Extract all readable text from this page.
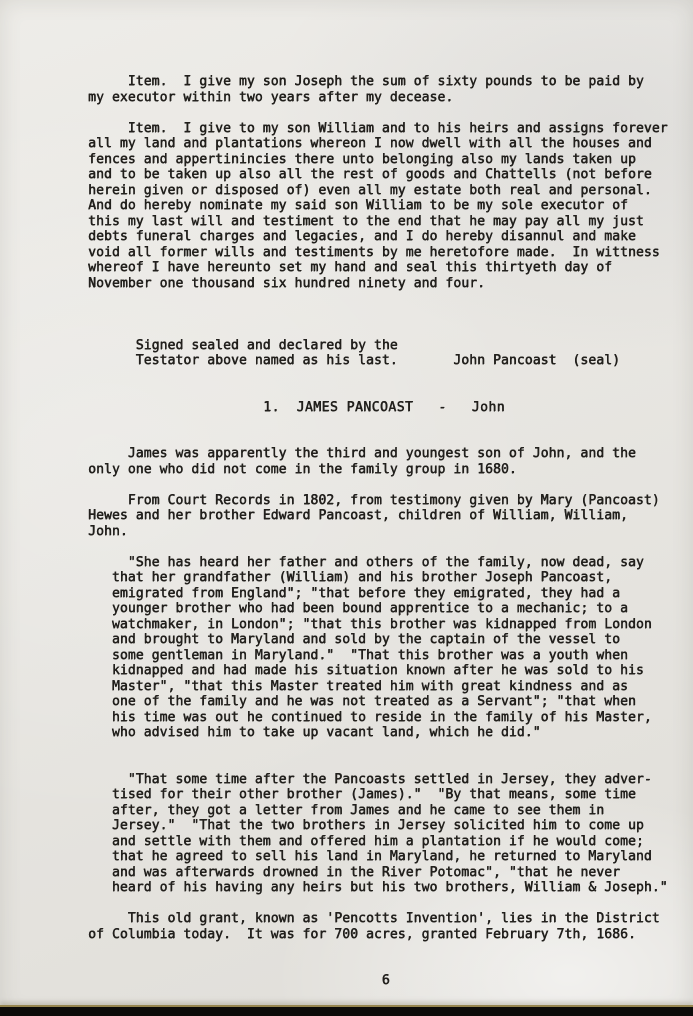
Item.  I give my son Joseph the sum of sixty pounds to be paid by
my executor within two years after my decease.
Item.  I give to my son William and to his heirs and assigns forever
all my land and plantations whereon I now dwell with all the houses and
fences and appertinincies there unto belonging also my lands taken up
and to be taken up also all the rest of goods and Chattells (not before
herein given or disposed of) even all my estate both real and personal.
And do hereby nominate my said son William to be my sole executor of
this my last will and testiment to the end that he may pay all my just
debts funeral charges and legacies, and I do hereby disannul and make
void all former wills and testiments by me heretofore made.  In wittness
whereof I have hereunto set my hand and seal this thirtyeth day of
November one thousand six hundred ninety and four.
Signed sealed and declared by the
Testator above named as his last.       John Pancoast  (seal)
1.  JAMES PANCOAST   -   John
James was apparently the third and youngest son of John, and the
only one who did not come in the family group in 1680.
From Court Records in 1802, from testimony given by Mary (Pancoast)
Hewes and her brother Edward Pancoast, children of William, William,
John.
"She has heard her father and others of the family, now dead, say
that her grandfather (William) and his brother Joseph Pancoast,
emigrated from England"; "that before they emigrated, they had a
younger brother who had been bound apprentice to a mechanic; to a
watchmaker, in London"; "that this brother was kidnapped from London
and brought to Maryland and sold by the captain of the vessel to
some gentleman in Maryland."  "That this brother was a youth when
kidnapped and had made his situation known after he was sold to his
Master", "that this Master treated him with great kindness and as
one of the family and he was not treated as a Servant"; "that when
his time was out he continued to reside in the family of his Master,
who advised him to take up vacant land, which he did."
"That some time after the Pancoasts settled in Jersey, they adver-
tised for their other brother (James)."  "By that means, some time
after, they got a letter from James and he came to see them in
Jersey."  "That the two brothers in Jersey solicited him to come up
and settle with them and offered him a plantation if he would come;
that he agreed to sell his land in Maryland, he returned to Maryland
and was afterwards drowned in the River Potomac", "that he never
heard of his having any heirs but his two brothers, William & Joseph."
This old grant, known as 'Pencotts Invention', lies in the District
of Columbia today.  It was for 700 acres, granted February 7th, 1686.
6
